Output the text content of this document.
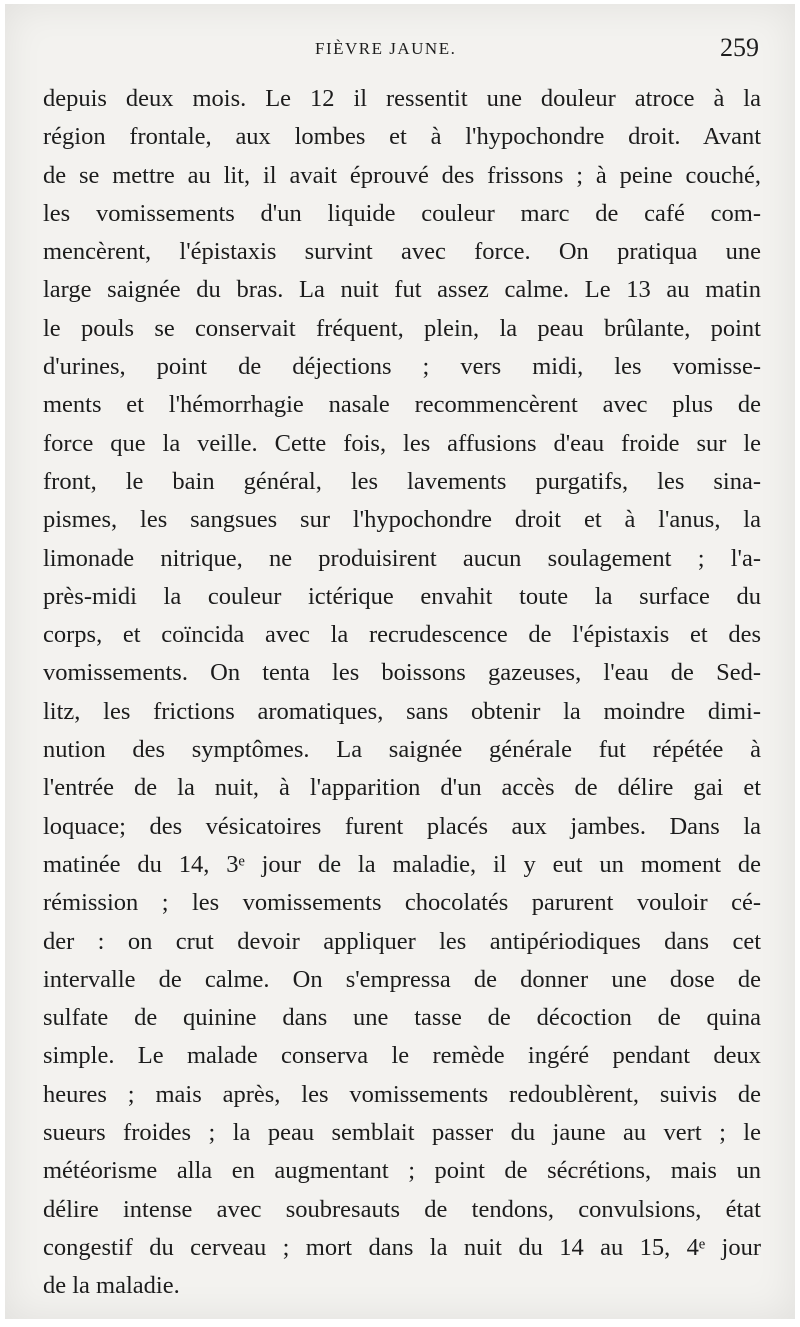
FIÈVRE JAUNE.	259

depuis deux mois. Le 12 il ressentit une douleur atroce à la
région frontale, aux lombes et à l'hypochondre droit. Avant
de se mettre au lit, il avait éprouvé des frissons ; à peine couché,
les vomissements d'un liquide couleur marc de café com-
mencèrent, l'épistaxis survint avec force. On pratiqua une
large saignée du bras. La nuit fut assez calme. Le 13 au matin
le pouls se conservait fréquent, plein, la peau brûlante, point
d'urines, point de déjections ; vers midi, les vomisse-
ments et l'hémorrhagie nasale recommencèrent avec plus de
force que la veille. Cette fois, les affusions d'eau froide sur le
front, le bain général, les lavements purgatifs, les sina-
pismes, les sangsues sur l'hypochondre droit et à l'anus, la
limonade nitrique, ne produisirent aucun soulagement ; l'a-
près-midi la couleur ictérique envahit toute la surface du
corps, et coïncida avec la recrudescence de l'épistaxis et des
vomissements. On tenta les boissons gazeuses, l'eau de Sed-
litz, les frictions aromatiques, sans obtenir la moindre dimi-
nution des symptômes. La saignée générale fut répétée à
l'entrée de la nuit, à l'apparition d'un accès de délire gai et
loquace; des vésicatoires furent placés aux jambes. Dans la
matinée du 14, 3ᵉ jour de la maladie, il y eut un moment de
rémission ; les vomissements chocolatés parurent vouloir cé-
der : on crut devoir appliquer les antipériodiques dans cet
intervalle de calme. On s'empressa de donner une dose de
sulfate de quinine dans une tasse de décoction de quina
simple. Le malade conserva le remède ingéré pendant deux
heures ; mais après, les vomissements redoublèrent, suivis de
sueurs froides ; la peau semblait passer du jaune au vert ; le
météorisme alla en augmentant ; point de sécrétions, mais un
délire intense avec soubresauts de tendons, convulsions, état
congestif du cerveau ; mort dans la nuit du 14 au 15, 4ᵉ jour
de la maladie.
